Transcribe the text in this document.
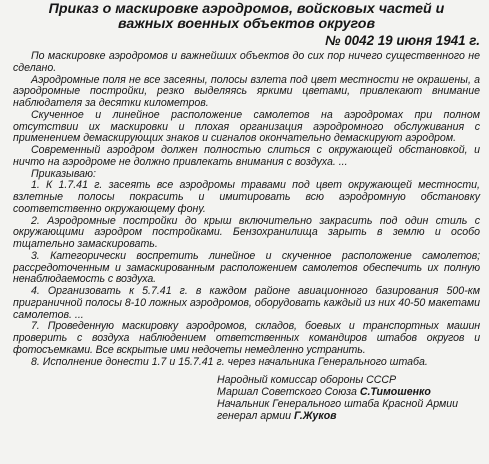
Приказ о маскировке аэродромов, войсковых частей и важных военных объектов округов
№ 0042 19 июня 1941 г.

По маскировке аэродромов и важнейших объектов до сих пор ничего существенного не сделано.

Аэродромные поля не все засеяны, полосы взлета под цвет местности не окрашены, а аэродромные постройки, резко выделяясь яркими цветами, привлекают внимание наблюдателя за десятки километров.

Скученное и линейное расположение самолетов на аэродромах при полном отсутствии их маскировки и плохая организация аэродромного обслуживания с применением демаскирующих знаков и сигналов окончательно демаскируют аэродром.

Современный аэродром должен полностью слиться с окружающей обстановкой, и ничто на аэродроме не должно привлекать внимания с воздуха. ...

Приказываю:

1. К 1.7.41 г. засеять все аэродромы травами под цвет окружающей местности, взлетные полосы покрасить и имитировать всю аэродромную обстановку соответственно окружающему фону.

2. Аэродромные постройки до крыш включительно закрасить под один стиль с окружающими аэродром постройками. Бензохранилища зарыть в землю и особо тщательно замаскировать.

3. Категорически воспретить линейное и скученное расположение самолетов; рассредоточенным и замаскированным расположением самолетов обеспечить их полную ненаблюдаемость с воздуха.

4. Организовать к 5.7.41 г. в каждом районе авиационного базирования 500-км приграничной полосы 8-10 ложных аэродромов, оборудовать каждый из них 40-50 макетами самолетов. ...

7. Проведенную маскировку аэродромов, складов, боевых и транспортных машин проверить с воздуха наблюдением ответственных командиров штабов округов и фотосъемками. Все вскрытые ими недочеты немедленно устранить.

8. Исполнение донести 1.7 и 15.7.41 г. через начальника Генерального штаба.

Народный комиссар обороны СССР
Маршал Советского Союза С.Тимошенко
Начальник Генерального штаба Красной Армии
генерал армии Г.Жуков
